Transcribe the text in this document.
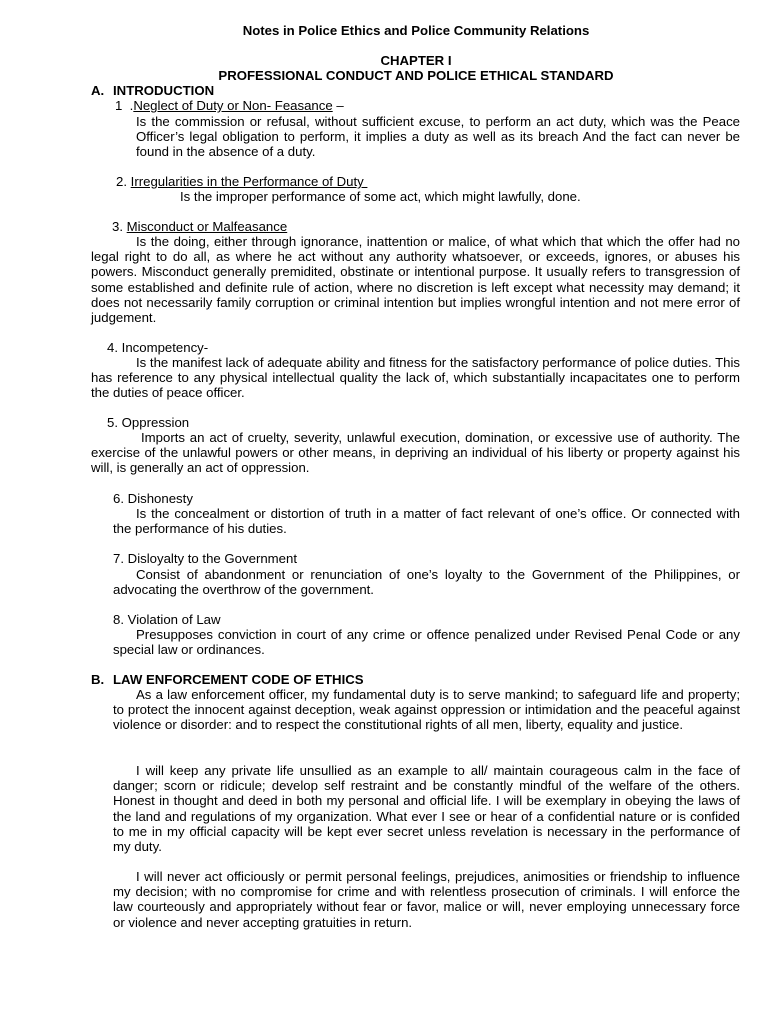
Notes in Police Ethics and Police Community Relations
CHAPTER I
PROFESSIONAL CONDUCT AND POLICE ETHICAL STANDARD
A. INTRODUCTION
1  .Neglect of Duty or Non- Feasance –
Is the commission or refusal, without sufficient excuse, to perform an act duty, which was the Peace Officer’s legal obligation to perform, it implies a duty as well as its breach And the fact can never be found in the absence of a duty.
2. Irregularities in the Performance of Duty
Is the improper performance of some act, which might lawfully, done.
3. Misconduct or Malfeasance
Is the doing, either through ignorance, inattention or malice, of what which that which the offer had no legal right to do all, as where he act without any authority whatsoever, or exceeds, ignores, or abuses his powers. Misconduct generally premidited, obstinate or intentional purpose. It usually refers to transgression of some established and definite rule of action, where no discretion is left except what necessity may demand; it does not necessarily family corruption or criminal intention but implies wrongful intention and not mere error of judgement.
4. Incompetency-
Is the manifest lack of adequate ability and fitness for the satisfactory performance of police duties. This has reference to any physical intellectual quality the lack of, which substantially incapacitates one to perform the duties of peace officer.
5. Oppression
Imports an act of cruelty, severity, unlawful execution, domination, or excessive use of authority. The exercise of the unlawful powers or other means, in depriving an individual of his liberty or property against his will, is generally an act of oppression.
6. Dishonesty
Is the concealment or distortion of truth in a matter of fact relevant of one’s office. Or connected with the performance of his duties.
7. Disloyalty to the Government
Consist of abandonment or renunciation of one’s loyalty to the Government of the Philippines, or advocating the overthrow of the government.
8. Violation of Law
Presupposes conviction in court of any crime or offence penalized under Revised Penal Code or any special law or ordinances.
B. LAW ENFORCEMENT CODE OF ETHICS
As a law enforcement officer, my fundamental duty is to serve mankind; to safeguard life and property; to protect the innocent against deception, weak against oppression or intimidation and the peaceful against violence or disorder: and to respect the constitutional rights of all men, liberty, equality and justice.
I will keep any private life unsullied as an example to all/ maintain courageous calm in the face of danger; scorn or ridicule; develop self restraint and be constantly mindful of the welfare of the others. Honest in thought and deed in both my personal and official life. I will be exemplary in obeying the laws of the land and regulations of my organization. What ever I see or hear of a confidential nature or is confided to me in my official capacity will be kept ever secret unless revelation is necessary in the performance of my duty.
I will never act officiously or permit personal feelings, prejudices, animosities or friendship to influence my decision; with no compromise for crime and with relentless prosecution of criminals. I will enforce the law courteously and appropriately without fear or favor, malice or will, never employing unnecessary force or violence and never accepting gratuities in return.
